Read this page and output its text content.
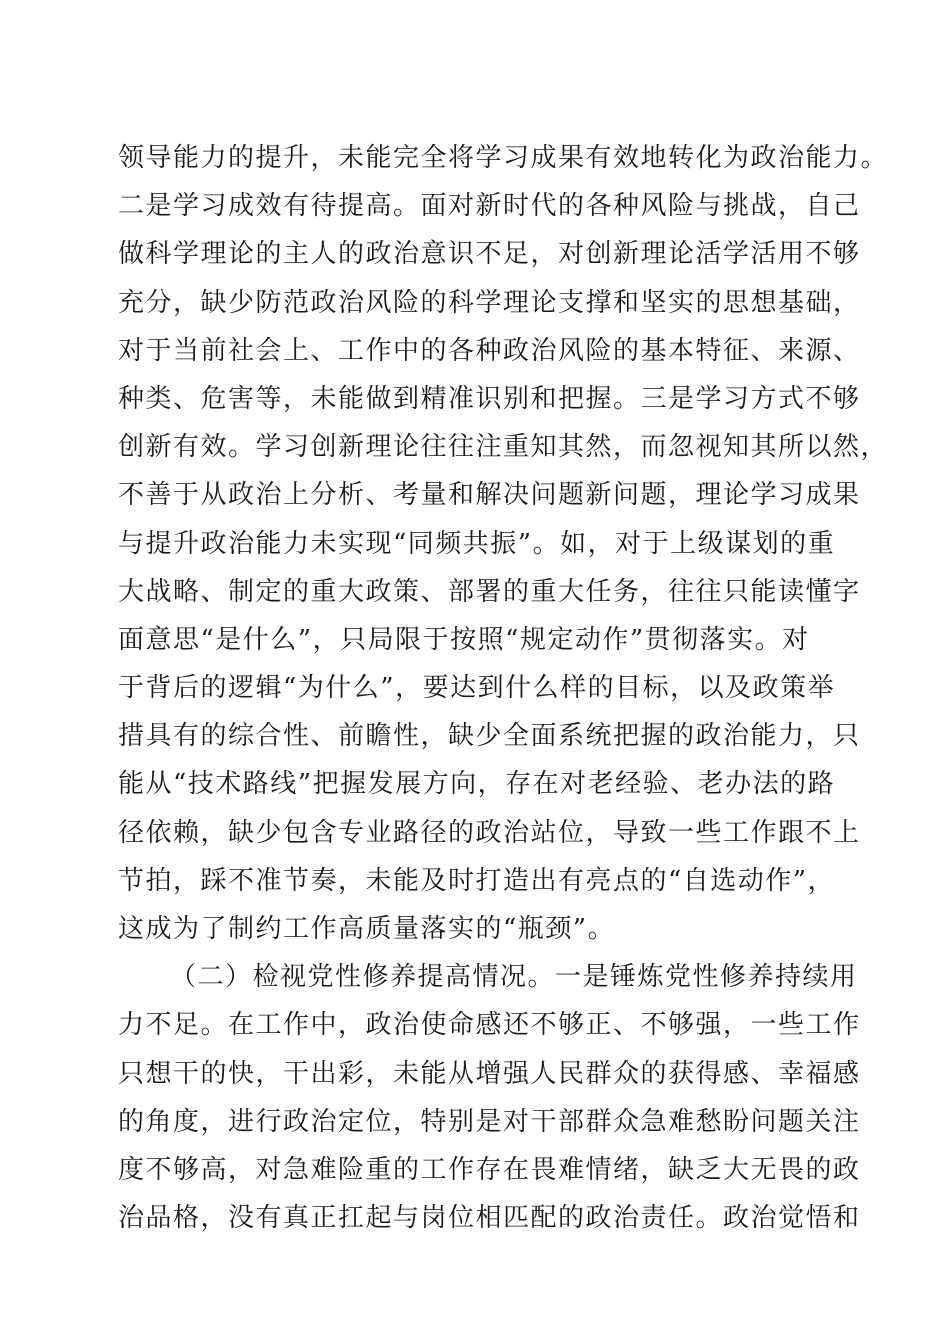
领导能力的提升，未能完全将学习成果有效地转化为政治能力。
二是学习成效有待提高。面对新时代的各种风险与挑战，自己
做科学理论的主人的政治意识不足，对创新理论活学活用不够
充分，缺少防范政治风险的科学理论支撑和坚实的思想基础，
对于当前社会上、工作中的各种政治风险的基本特征、来源、
种类、危害等，未能做到精准识别和把握。三是学习方式不够
创新有效。学习创新理论往往注重知其然，而忽视知其所以然，
不善于从政治上分析、考量和解决问题新问题，理论学习成果
与提升政治能力未实现“同频共振”。如，对于上级谋划的重
大战略、制定的重大政策、部署的重大任务，往往只能读懂字
面意思“是什么”，只局限于按照“规定动作”贯彻落实。对
于背后的逻辑“为什么”，要达到什么样的目标，以及政策举
措具有的综合性、前瞻性，缺少全面系统把握的政治能力，只
能从“技术路线”把握发展方向，存在对老经验、老办法的路
径依赖，缺少包含专业路径的政治站位，导致一些工作跟不上
节拍，踩不准节奏，未能及时打造出有亮点的“自选动作”，
这成为了制约工作高质量落实的“瓶颈”。
（二）检视党性修养提高情况。一是锤炼党性修养持续用
力不足。在工作中，政治使命感还不够正、不够强，一些工作
只想干的快，干出彩，未能从增强人民群众的获得感、幸福感
的角度，进行政治定位，特别是对干部群众急难愁盼问题关注
度不够高，对急难险重的工作存在畏难情绪，缺乏大无畏的政
治品格，没有真正扛起与岗位相匹配的政治责任。政治觉悟和
